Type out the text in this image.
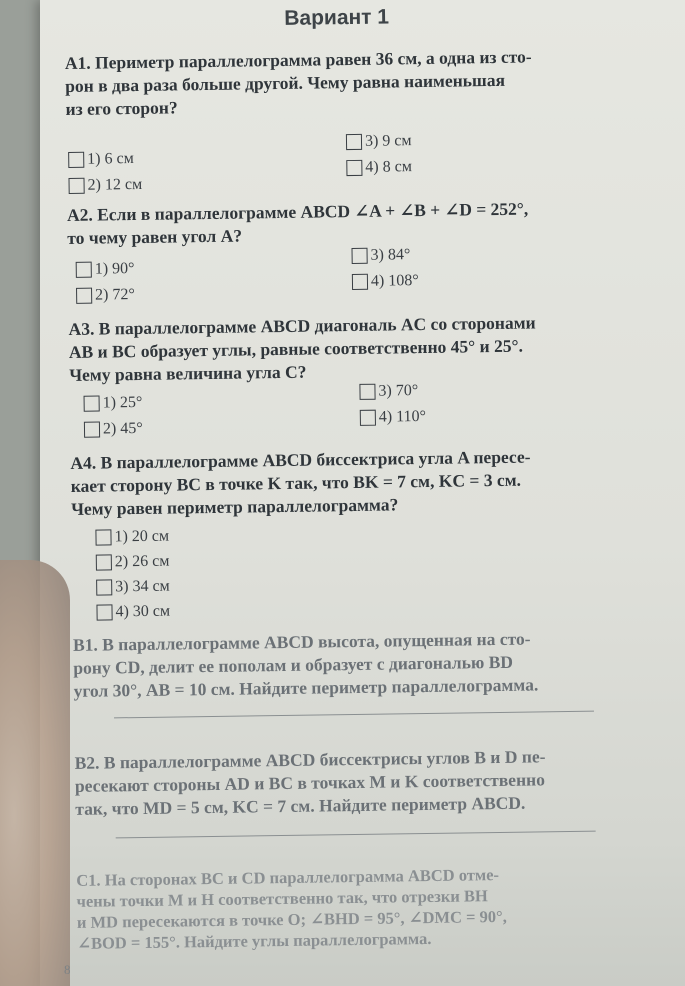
Вариант 1
А1. Периметр параллелограмма равен 36 см, а одна из сто-
рон в два раза больше другой. Чему равна наименьшая
из его сторон?
1) 6 см
2) 12 см
3) 9 см
4) 8 см
А2. Если в параллелограмме ABCD ∠A + ∠B + ∠D = 252°,
то чему равен угол A?
1) 90°
2) 72°
3) 84°
4) 108°
А3. В параллелограмме ABCD диагональ AC со сторонами
AB и BC образует углы, равные соответственно 45° и 25°.
Чему равна величина угла C?
1) 25°
2) 45°
3) 70°
4) 110°
А4. В параллелограмме ABCD биссектриса угла A пересе-
кает сторону BC в точке K так, что BK = 7 см, KC = 3 см.
Чему равен периметр параллелограмма?
1) 20 см
2) 26 см
3) 34 см
4) 30 см
В1. В параллелограмме ABCD высота, опущенная на сто-
рону CD, делит ее пополам и образует с диагональю BD
угол 30°, AB = 10 см. Найдите периметр параллелограмма.
В2. В параллелограмме ABCD биссектрисы углов B и D пе-
ресекают стороны AD и BC в точках M и K соответственно
так, что MD = 5 см, KC = 7 см. Найдите периметр ABCD.
С1. На сторонах BC и CD параллелограмма ABCD отме-
чены точки M и H соответственно так, что отрезки BH
и MD пересекаются в точке O; ∠BHD = 95°, ∠DMC = 90°,
∠BOD = 155°. Найдите углы параллелограмма.
8
